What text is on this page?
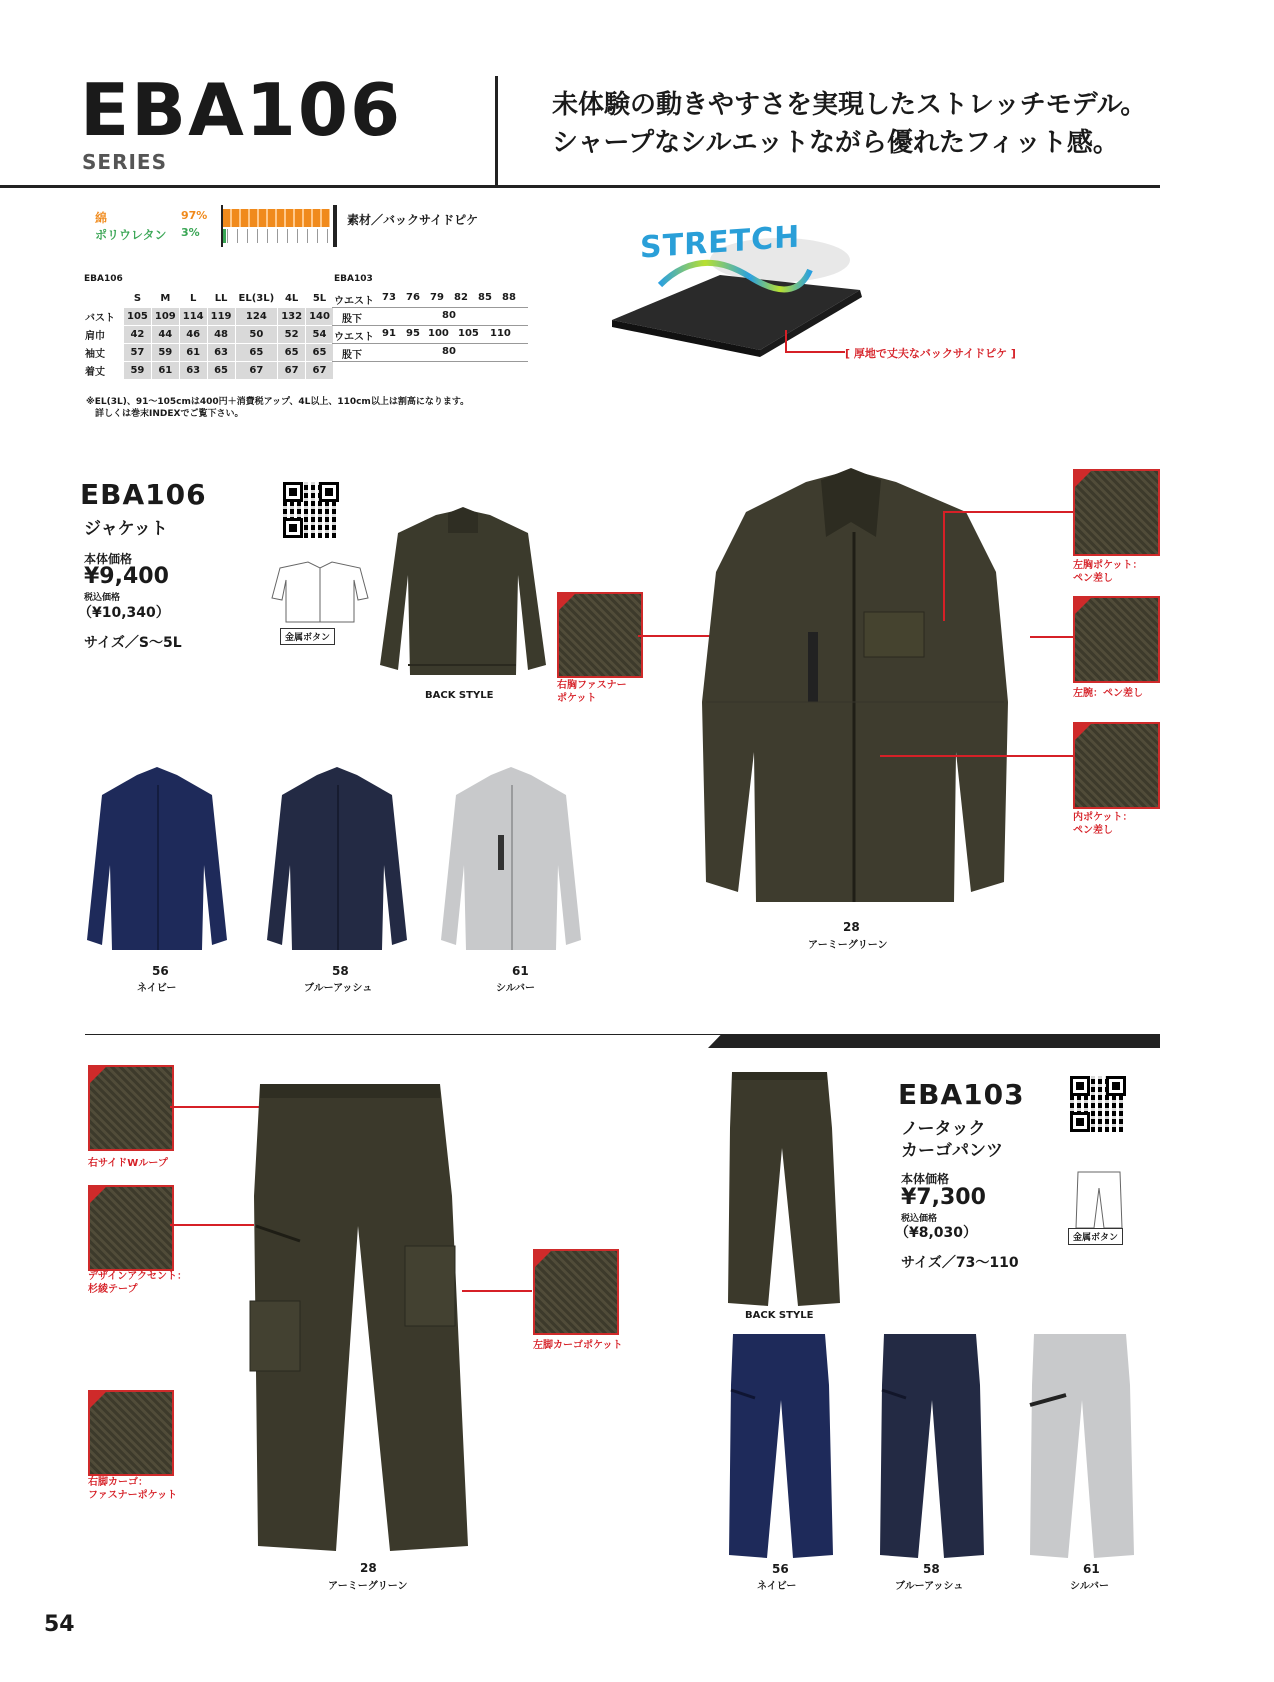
EBA106
SERIES
未体験の動きやすさを実現したストレッチモデル。
シャープなシルエットながら優れたフィット感。
綿	97%
ポリウレタン 3%
素材／バックサイドピケ
EBA106
	S	M	L	LL	EL(3L)	4L	5L
バスト	105	109	114	119	124	132	140
肩巾	42	44	46	48	50	52	54
袖丈	57	59	61	63	65	65	65
着丈	59	61	63	65	67	67	67
EBA103
ウエスト 73 76 79 82 85 88
股下	80
ウエスト 91 95 100 105 110
股下	80
※EL(3L)、91～105cmは400円＋消費税アップ、4L以上、110cm以上は割高になります。
詳しくは巻末INDEXでご覧下さい。
STRETCH
[ 厚地で丈夫なバックサイドピケ ]
EBA106
ジャケット
本体価格
¥9,400
税込価格
（¥10,340）
サイズ／S～5L	金属ボタン
BACK STYLE
右胸ファスナー
ポケット
28
アーミーグリーン
左胸ポケット：
ペン差し
左腕：ペン差し
内ポケット：
ペン差し
56
ネイビー
58
ブルーアッシュ
61
シルバー
右サイドWループ
デザインアクセント：
杉綾テープ
右脚カーゴ：
ファスナーポケット
28
アーミーグリーン
左脚カーゴポケット
BACK STYLE
EBA103
ノータック
カーゴパンツ
本体価格
¥7,300
税込価格
（¥8,030）
サイズ／73～110
金属ボタン
56
ネイビー
58
ブルーアッシュ
61
シルバー
54
